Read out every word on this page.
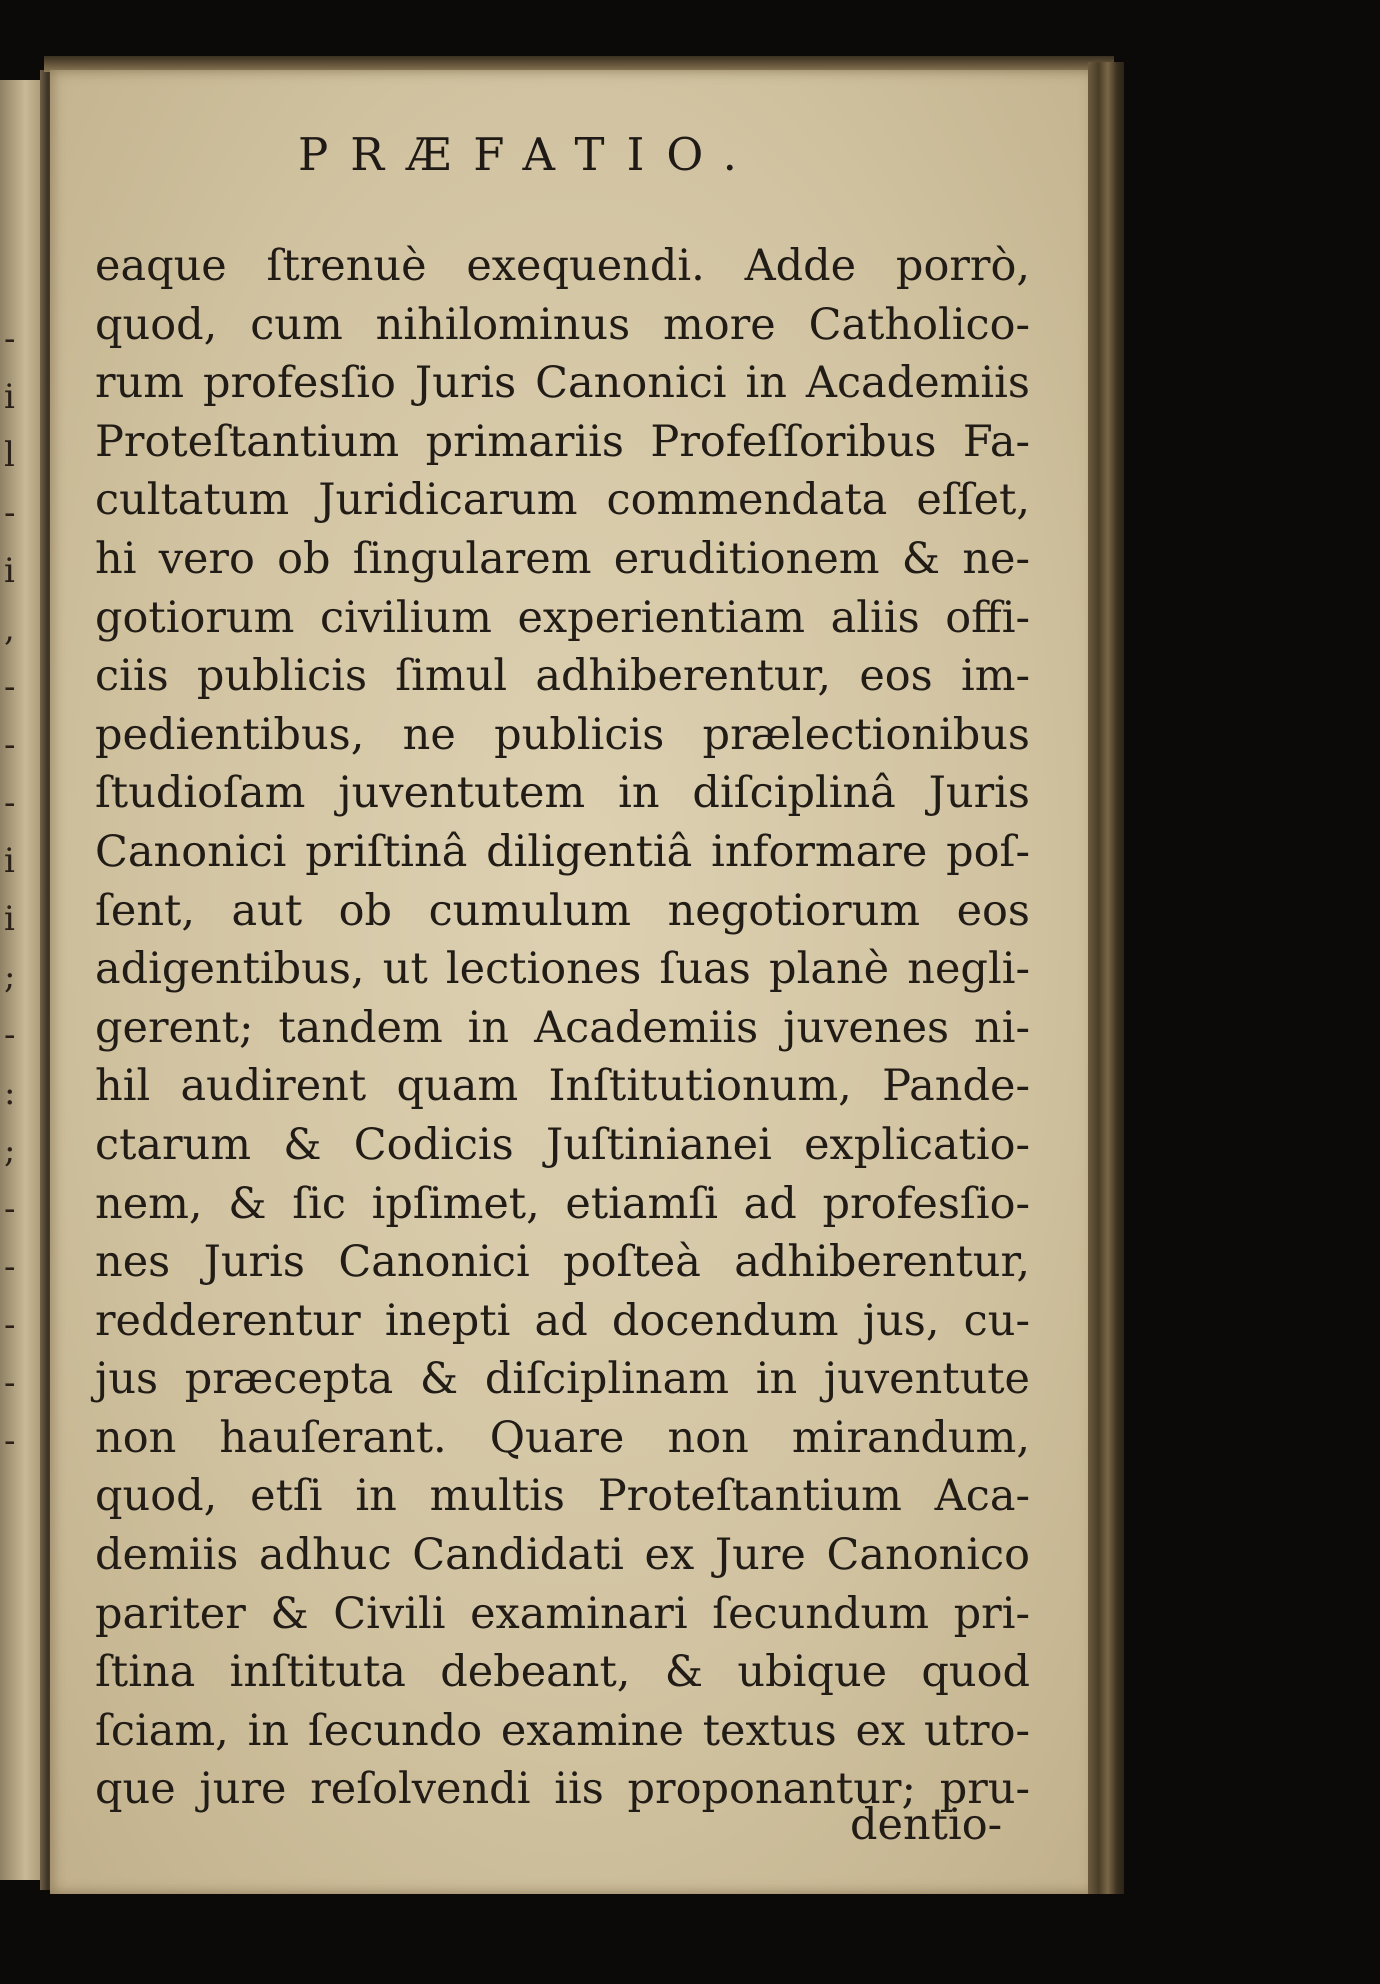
-
i
l
-
i
,
-
-
-
i
i
;
-
:
;
-
-
-
-
-
PRÆFATIO.
eaque ſtrenuè exequendi. Adde porrò,
quod, cum nihilominus more Catholico-
rum profesſio Juris Canonici in Academiis
Proteſtantium primariis Profeſſoribus Fa-
cultatum Juridicarum commendata eſſet,
hi vero ob ſingularem eruditionem & ne-
gotiorum civilium experientiam aliis offi-
ciis publicis ſimul adhiberentur, eos im-
pedientibus, ne publicis prælectionibus
ſtudioſam juventutem in diſciplinâ Juris
Canonici priſtinâ diligentiâ informare poſ-
ſent, aut ob cumulum negotiorum eos
adigentibus, ut lectiones ſuas planè negli-
gerent; tandem in Academiis juvenes ni-
hil audirent quam Inſtitutionum, Pande-
ctarum & Codicis Juſtinianei explicatio-
nem, & ſic ipſimet, etiamſi ad profesſio-
nes Juris Canonici poſteà adhiberentur,
redderentur inepti ad docendum jus, cu-
jus præcepta & diſciplinam in juventute
non hauſerant. Quare non mirandum,
quod, etſi in multis Proteſtantium Aca-
demiis adhuc Candidati ex Jure Canonico
pariter & Civili examinari ſecundum pri-
ſtina inſtituta debeant, & ubique quod
ſciam, in ſecundo examine textus ex utro-
que jure reſolvendi iis proponantur; pru-
dentio-
